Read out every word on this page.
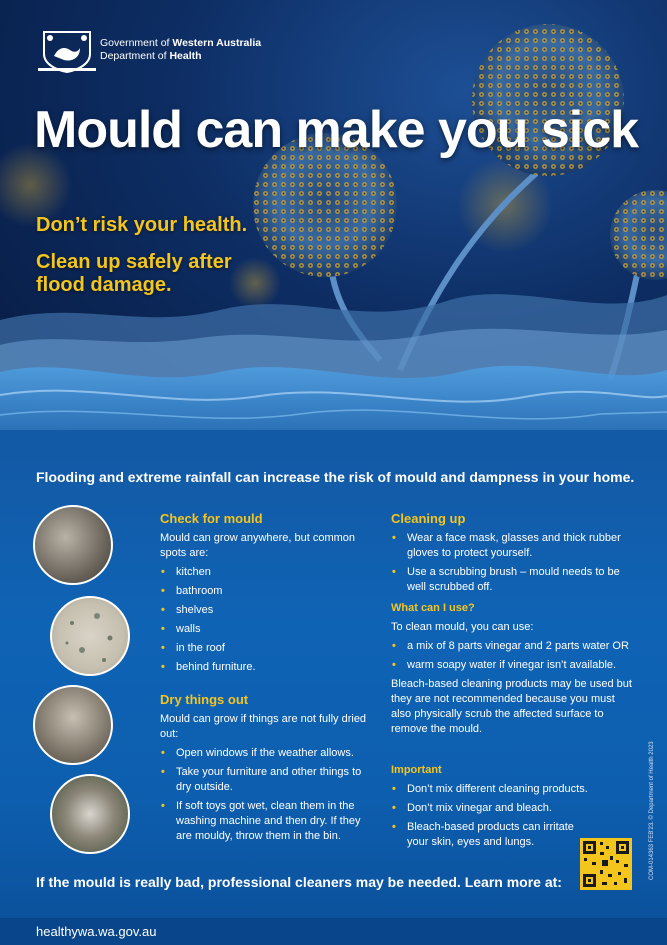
Government of Western Australia
Department of Health
Mould can make you sick
Don’t risk your health.
Clean up safely after
flood damage.
Flooding and extreme rainfall can increase the risk of mould and dampness in your home.
Check for mould

Mould can grow anywhere, but common spots are:

• kitchen
• bathroom
• shelves
• walls
• in the roof
• behind furniture.
Dry things out

Mould can grow if things are not fully dried out:

• Open windows if the weather allows.
• Take your furniture and other things to dry outside.
• If soft toys got wet, clean them in the washing machine and then dry. If they are mouldy, throw them in the bin.
Cleaning up
• Wear a face mask, glasses and thick rubber gloves to protect yourself.
• Use a scrubbing brush – mould needs to be well scrubbed off.
What can I use?

To clean mould, you can use:

• a mix of 8 parts vinegar and 2 parts water OR
• warm soapy water if vinegar isn’t available.

Bleach-based cleaning products may be used but they are not recommended because you must also physically scrub the affected surface to remove the mould.

Important
• Don’t mix different cleaning products.
• Don’t mix vinegar and bleach.
• Bleach-based products can irritate your skin, eyes and lungs.
If the mould is really bad, professional cleaners may be needed. Learn more at:
COM-014363 FEB'23. © Department of Health 2023
healthywa.wa.gov.au
